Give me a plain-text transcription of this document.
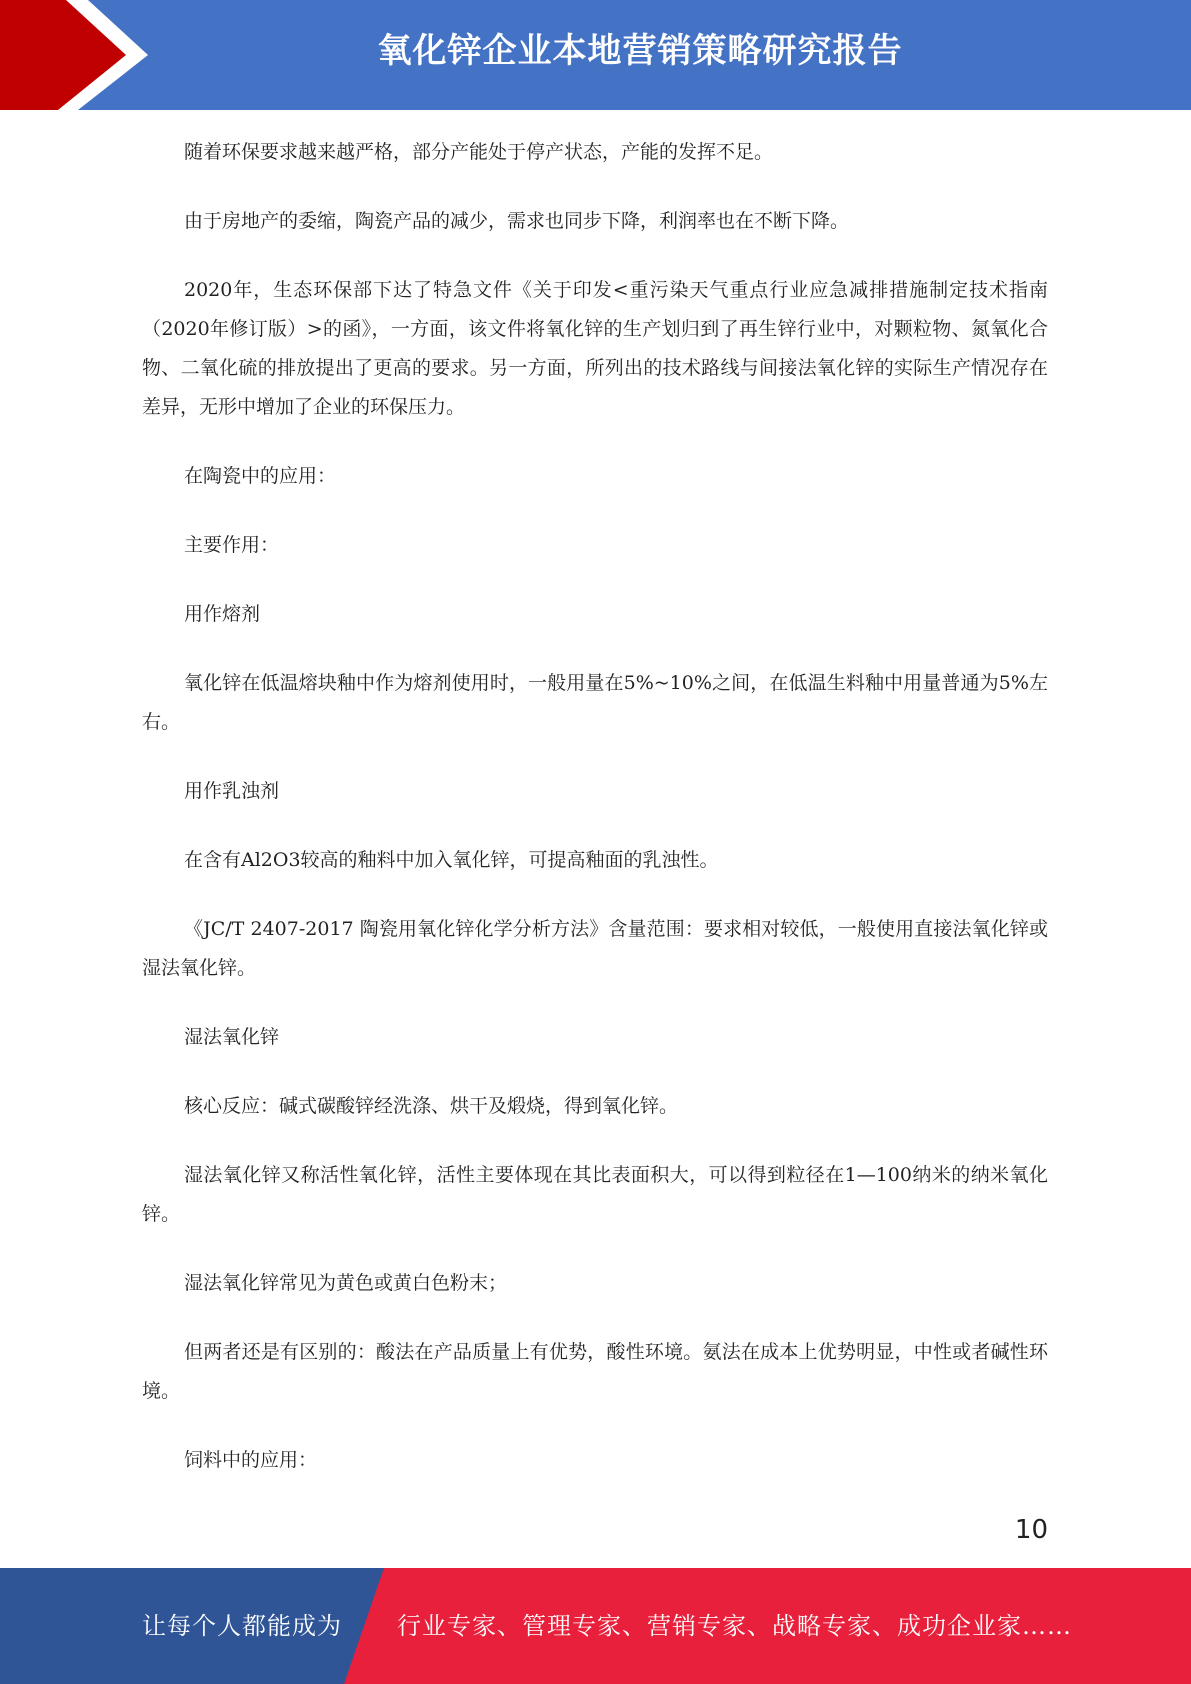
氧化锌企业本地营销策略研究报告

随着环保要求越来越严格，部分产能处于停产状态，产能的发挥不足。

由于房地产的委缩，陶瓷产品的减少，需求也同步下降，利润率也在不断下降。

2020年，生态环保部下达了特急文件《关于印发<重污染天气重点行业应急减排措施制定技术指南（2020年修订版）>的函》，一方面，该文件将氧化锌的生产划归到了再生锌行业中，对颗粒物、氮氧化合物、二氧化硫的排放提出了更高的要求。另一方面，所列出的技术路线与间接法氧化锌的实际生产情况存在差异，无形中增加了企业的环保压力。

在陶瓷中的应用：

主要作用：

用作熔剂

氧化锌在低温熔块釉中作为熔剂使用时，一般用量在5%~10%之间，在低温生料釉中用量普通为5%左右。

用作乳浊剂

在含有Al2O3较高的釉料中加入氧化锌，可提高釉面的乳浊性。

《JC/T 2407-2017 陶瓷用氧化锌化学分析方法》含量范围：要求相对较低，一般使用直接法氧化锌或湿法氧化锌。

湿法氧化锌

核心反应：碱式碳酸锌经洗涤、烘干及煅烧，得到氧化锌。

湿法氧化锌又称活性氧化锌，活性主要体现在其比表面积大，可以得到粒径在1—100纳米的纳米氧化锌。

湿法氧化锌常见为黄色或黄白色粉末；

但两者还是有区别的：酸法在产品质量上有优势，酸性环境。氨法在成本上优势明显，中性或者碱性环境。

饲料中的应用：

10
让每个人都能成为 行业专家、管理专家、营销专家、战略专家、成功企业家……
